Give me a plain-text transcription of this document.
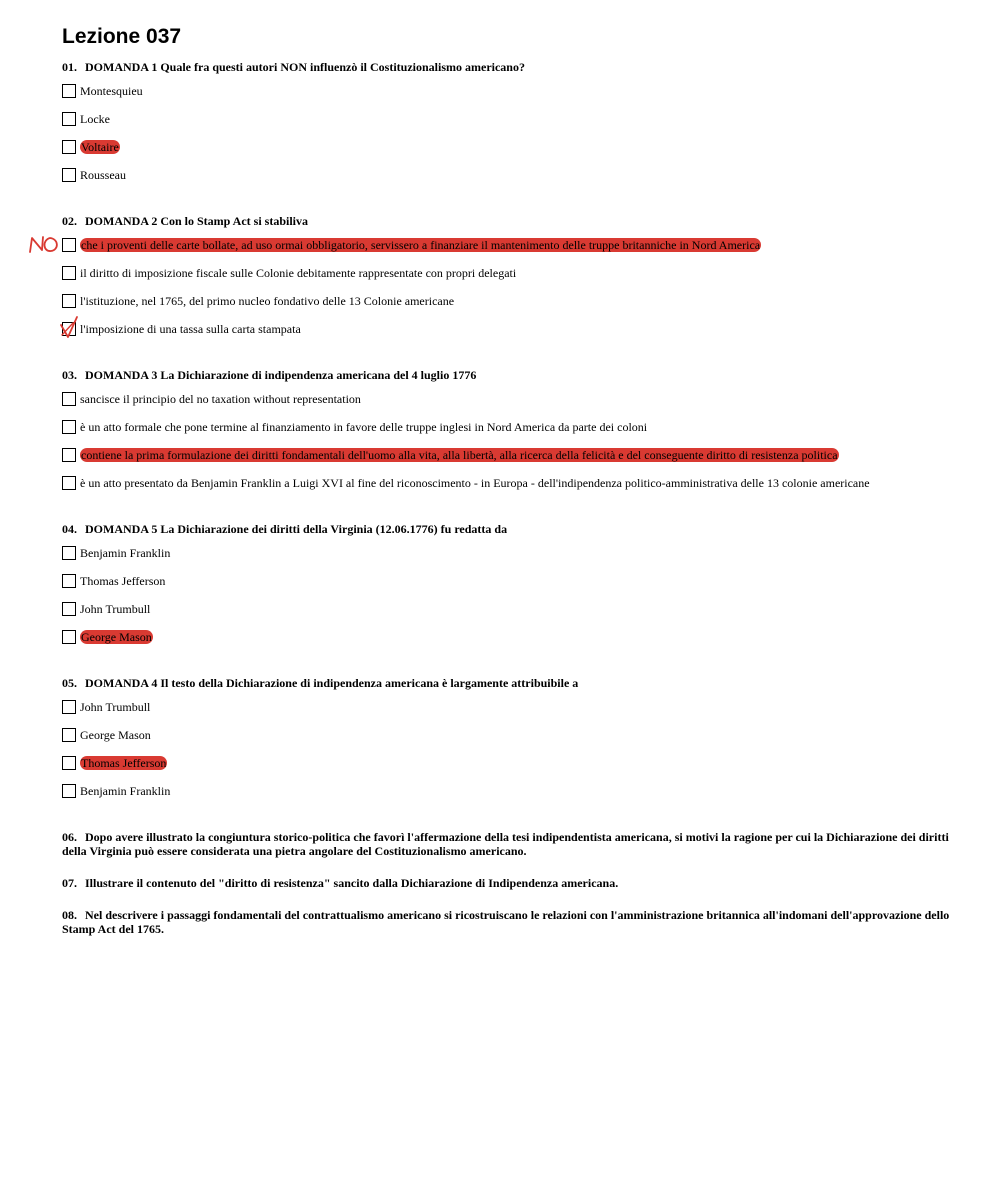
Lezione 037

01. DOMANDA 1 Quale fra questi autori NON influenzò il Costituzionalismo americano?

Montesquieu
Locke
Voltaire
Rousseau

02. DOMANDA 2 Con lo Stamp Act si stabiliva

che i proventi delle carte bollate, ad uso ormai obbligatorio, servissero a finanziare il mantenimento delle truppe britanniche in Nord America
il diritto di imposizione fiscale sulle Colonie debitamente rappresentate con propri delegati
l'istituzione, nel 1765, del primo nucleo fondativo delle 13 Colonie americane
l'imposizione di una tassa sulla carta stampata

03. DOMANDA 3 La Dichiarazione di indipendenza americana del 4 luglio 1776

sancisce il principio del no taxation without representation
è un atto formale che pone termine al finanziamento in favore delle truppe inglesi in Nord America da parte dei coloni
contiene la prima formulazione dei diritti fondamentali dell'uomo alla vita, alla libertà, alla ricerca della felicità e del conseguente diritto di resistenza politica
è un atto presentato da Benjamin Franklin a Luigi XVI al fine del riconoscimento - in Europa - dell'indipendenza politico-amministrativa delle 13 colonie americane

04. DOMANDA 5 La Dichiarazione dei diritti della Virginia (12.06.1776) fu redatta da

Benjamin Franklin
Thomas Jefferson
John Trumbull
George Mason

05. DOMANDA 4 Il testo della Dichiarazione di indipendenza americana è largamente attribuibile a

John Trumbull
George Mason
Thomas Jefferson
Benjamin Franklin

06. Dopo avere illustrato la congiuntura storico-politica che favorì l'affermazione della tesi indipendentista americana, si motivi la ragione per cui la Dichiarazione dei diritti della Virginia può essere considerata una pietra angolare del Costituzionalismo americano.

07. Illustrare il contenuto del "diritto di resistenza" sancito dalla Dichiarazione di Indipendenza americana.

08. Nel descrivere i passaggi fondamentali del contrattualismo americano si ricostruiscano le relazioni con l'amministrazione britannica all'indomani dell'approvazione dello Stamp Act del 1765.
